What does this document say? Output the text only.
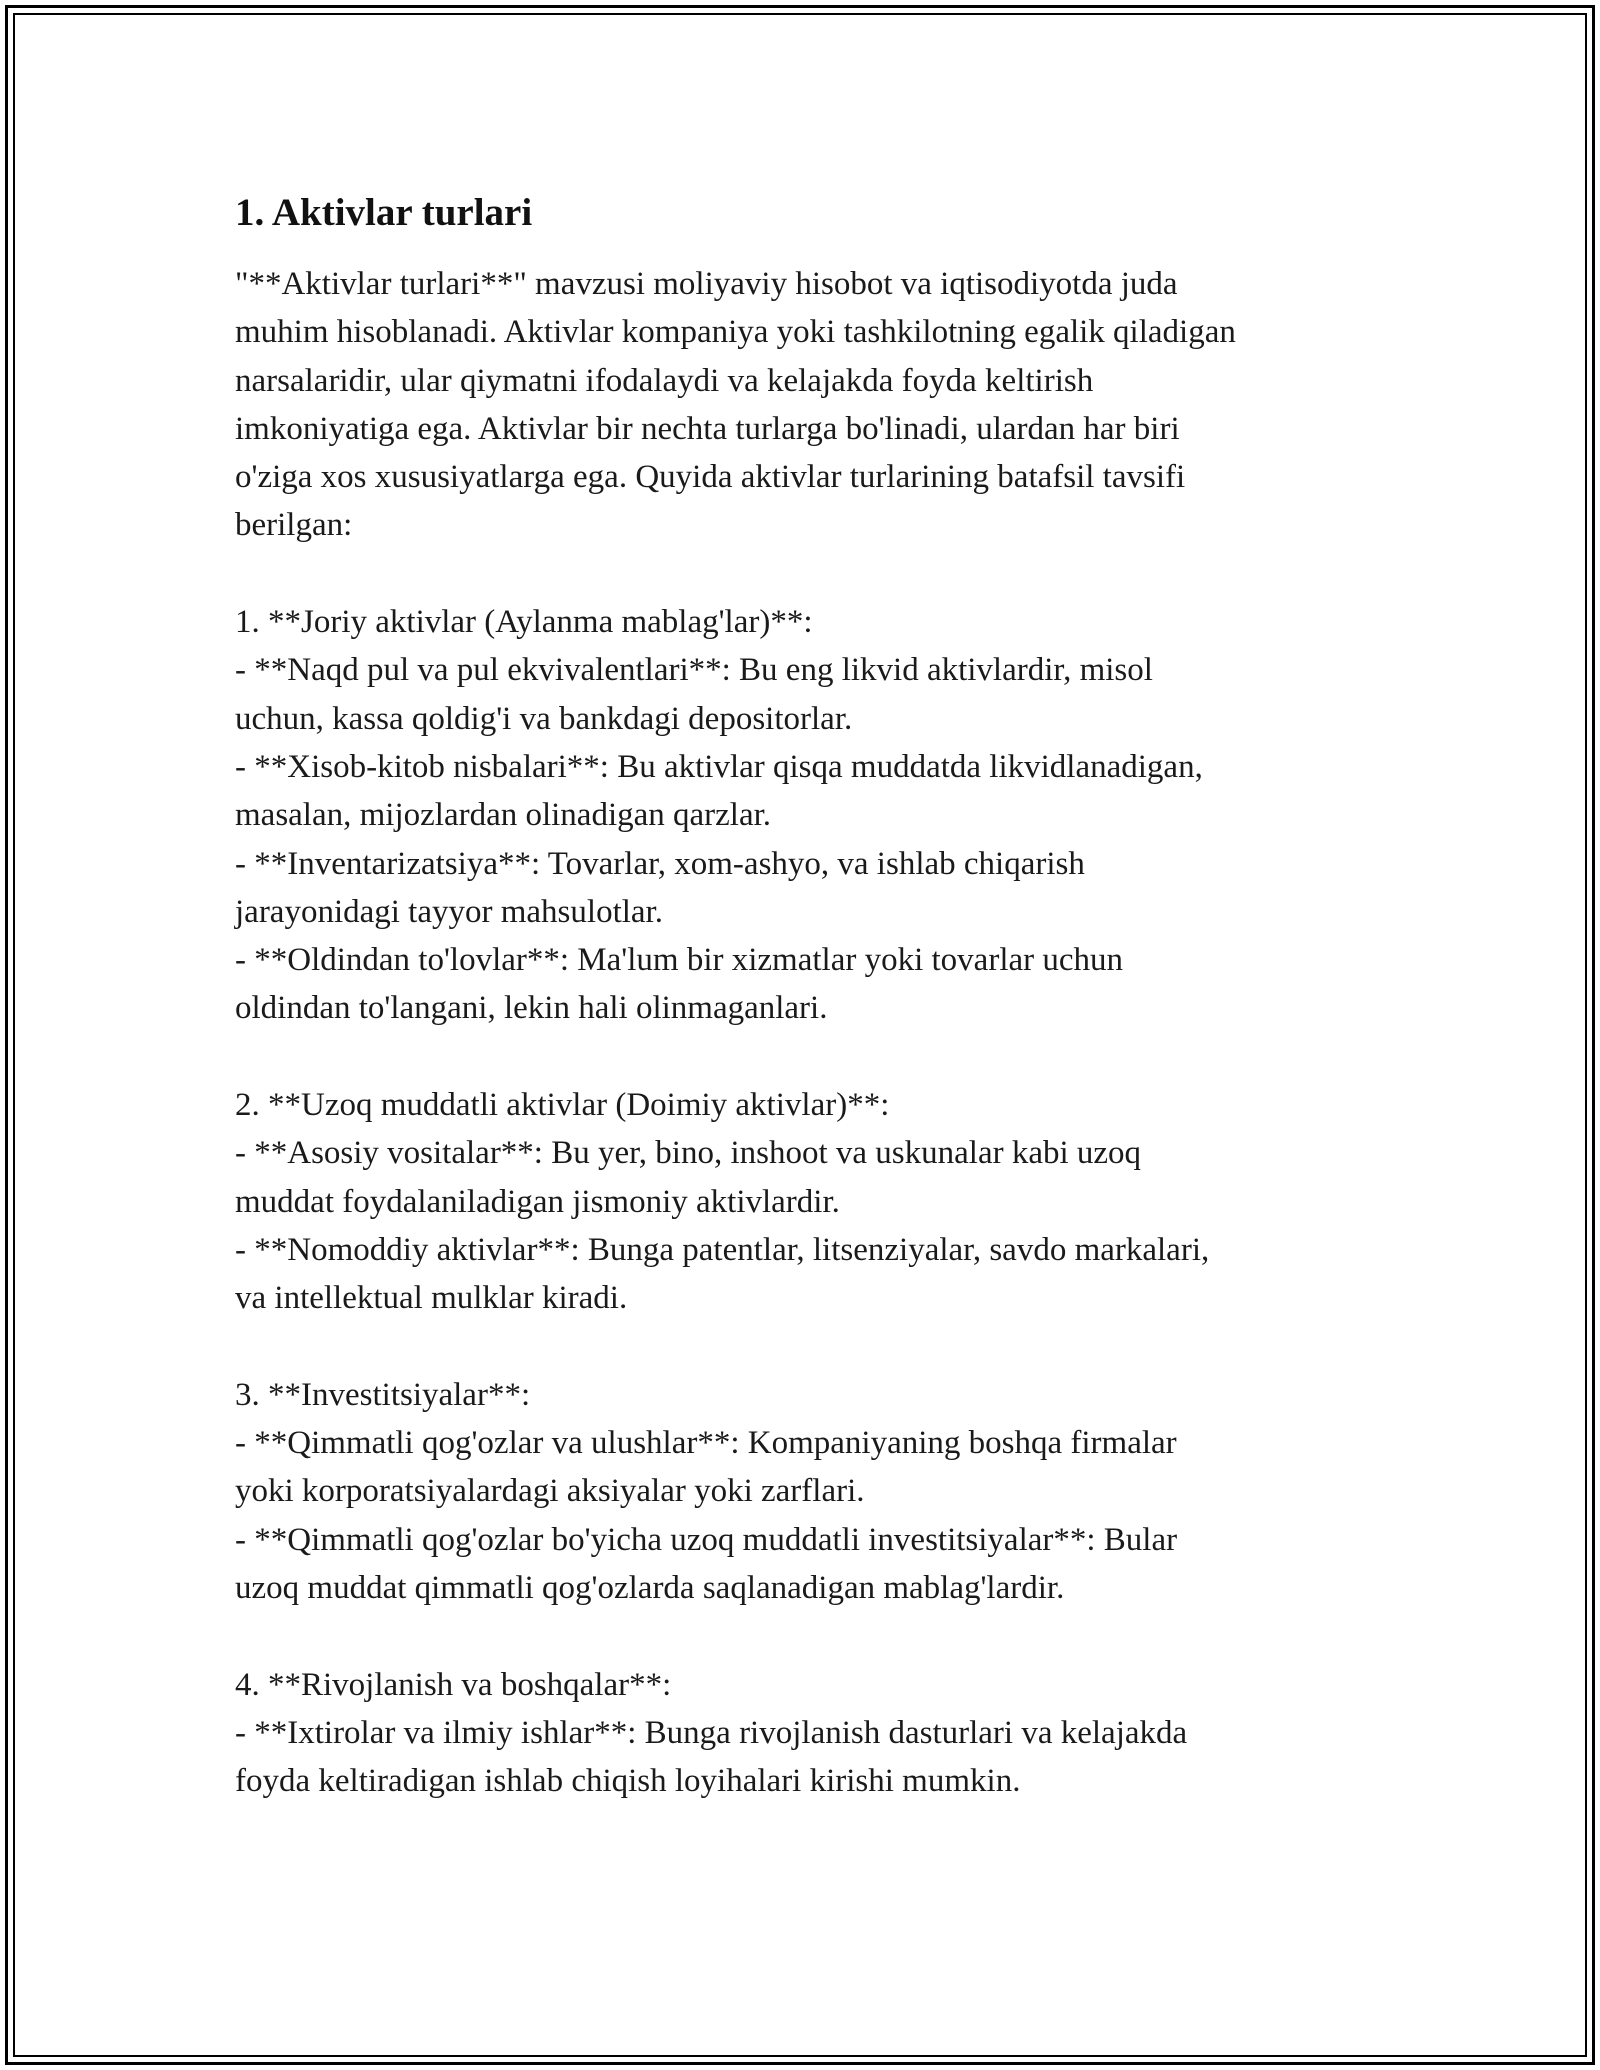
1. Aktivlar turlari
"**Aktivlar turlari**" mavzusi moliyaviy hisobot va iqtisodiyotda juda
muhim hisoblanadi. Aktivlar kompaniya yoki tashkilotning egalik qiladigan
narsalaridir, ular qiymatni ifodalaydi va kelajakda foyda keltirish
imkoniyatiga ega. Aktivlar bir nechta turlarga bo'linadi, ulardan har biri
o'ziga xos xususiyatlarga ega. Quyida aktivlar turlarining batafsil tavsifi
berilgan:

1. **Joriy aktivlar (Aylanma mablag'lar)**:
- **Naqd pul va pul ekvivalentlari**: Bu eng likvid aktivlardir, misol
uchun, kassa qoldig'i va bankdagi depositorlar.
- **Xisob-kitob nisbalari**: Bu aktivlar qisqa muddatda likvidlanadigan,
masalan, mijozlardan olinadigan qarzlar.
- **Inventarizatsiya**: Tovarlar, xom-ashyo, va ishlab chiqarish
jarayonidagi tayyor mahsulotlar.
- **Oldindan to'lovlar**: Ma'lum bir xizmatlar yoki tovarlar uchun
oldindan to'langani, lekin hali olinmaganlari.

2. **Uzoq muddatli aktivlar (Doimiy aktivlar)**:
- **Asosiy vositalar**: Bu yer, bino, inshoot va uskunalar kabi uzoq
muddat foydalaniladigan jismoniy aktivlardir.
- **Nomoddiy aktivlar**: Bunga patentlar, litsenziyalar, savdo markalari,
va intellektual mulklar kiradi.

3. **Investitsiyalar**:
- **Qimmatli qog'ozlar va ulushlar**: Kompaniyaning boshqa firmalar
yoki korporatsiyalardagi aksiyalar yoki zarflari.
- **Qimmatli qog'ozlar bo'yicha uzoq muddatli investitsiyalar**: Bular
uzoq muddat qimmatli qog'ozlarda saqlanadigan mablag'lardir.

4. **Rivojlanish va boshqalar**:
- **Ixtirolar va ilmiy ishlar**: Bunga rivojlanish dasturlari va kelajakda
foyda keltiradigan ishlab chiqish loyihalari kirishi mumkin.
